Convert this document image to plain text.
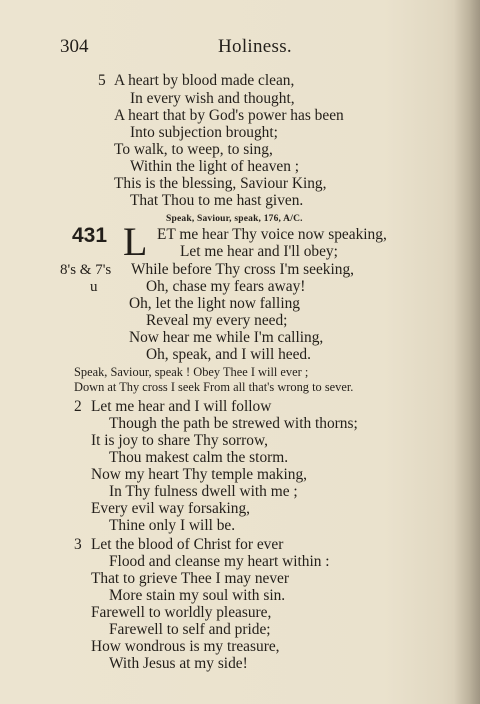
304	Holiness.
5 A heart by blood made clean,
In every wish and thought,
A heart that by God's power has been
Into subjection brought;
To walk, to weep, to sing,
Within the light of heaven ;
This is the blessing, Saviour King,
That Thou to me hast given.
Speak, Saviour, speak, 176, A/C.
431 L ET me hear Thy voice now speaking,
Let me hear and I'll obey;
8's & 7's While before Thy cross I'm seeking,
u	Oh, chase my fears away!
Oh, let the light now falling
Reveal my every need;
Now hear me while I'm calling,
Oh, speak, and I will heed.
Speak, Saviour, speak ! Obey Thee I will ever ;
Down at Thy cross I seek From all that's wrong to sever.
2 Let me hear and I will follow
Though the path be strewed with thorns;
It is joy to share Thy sorrow,
Thou makest calm the storm.
Now my heart Thy temple making,
In Thy fulness dwell with me ;
Every evil way forsaking,
Thine only I will be.
3 Let the blood of Christ for ever
Flood and cleanse my heart within :
That to grieve Thee I may never
More stain my soul with sin.
Farewell to worldly pleasure,
Farewell to self and pride;
How wondrous is my treasure,
With Jesus at my side!
